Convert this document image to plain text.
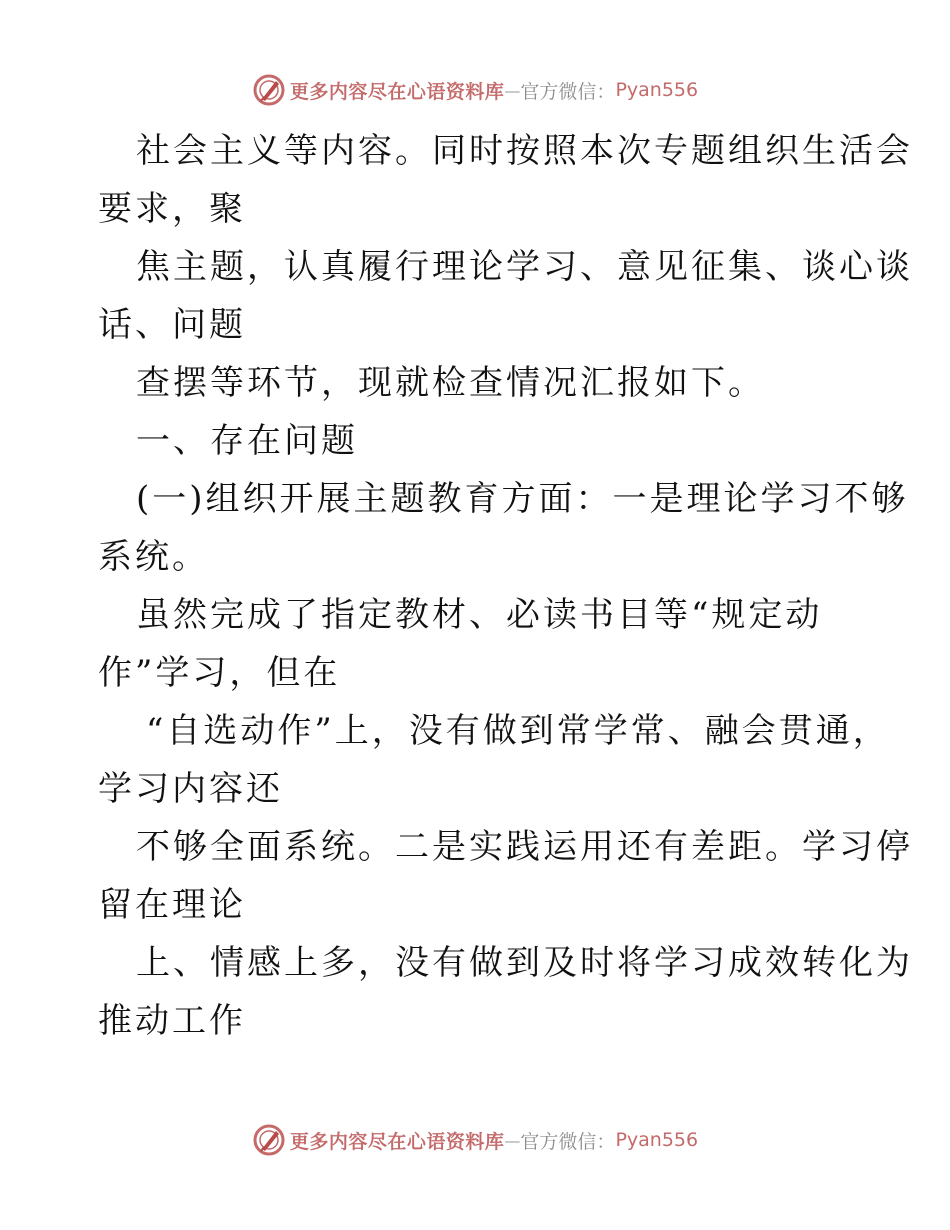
更多内容尽在心语资料库 — 官方微信： Pyan556
社会主义等内容。同时按照本次专题组织生活会
要求，聚
焦主题，认真履行理论学习、意见征集、谈心谈
话、问题
查摆等环节，现就检查情况汇报如下。
一、存在问题
(一)组织开展主题教育方面：一是理论学习不够
系统。
虽然完成了指定教材、必读书目等“规定动
作”学习，但在
“自选动作”上，没有做到常学常、融会贯通，
学习内容还
不够全面系统。二是实践运用还有差距。学习停
留在理论
上、情感上多，没有做到及时将学习成效转化为
推动工作
更多内容尽在心语资料库 — 官方微信： Pyan556
